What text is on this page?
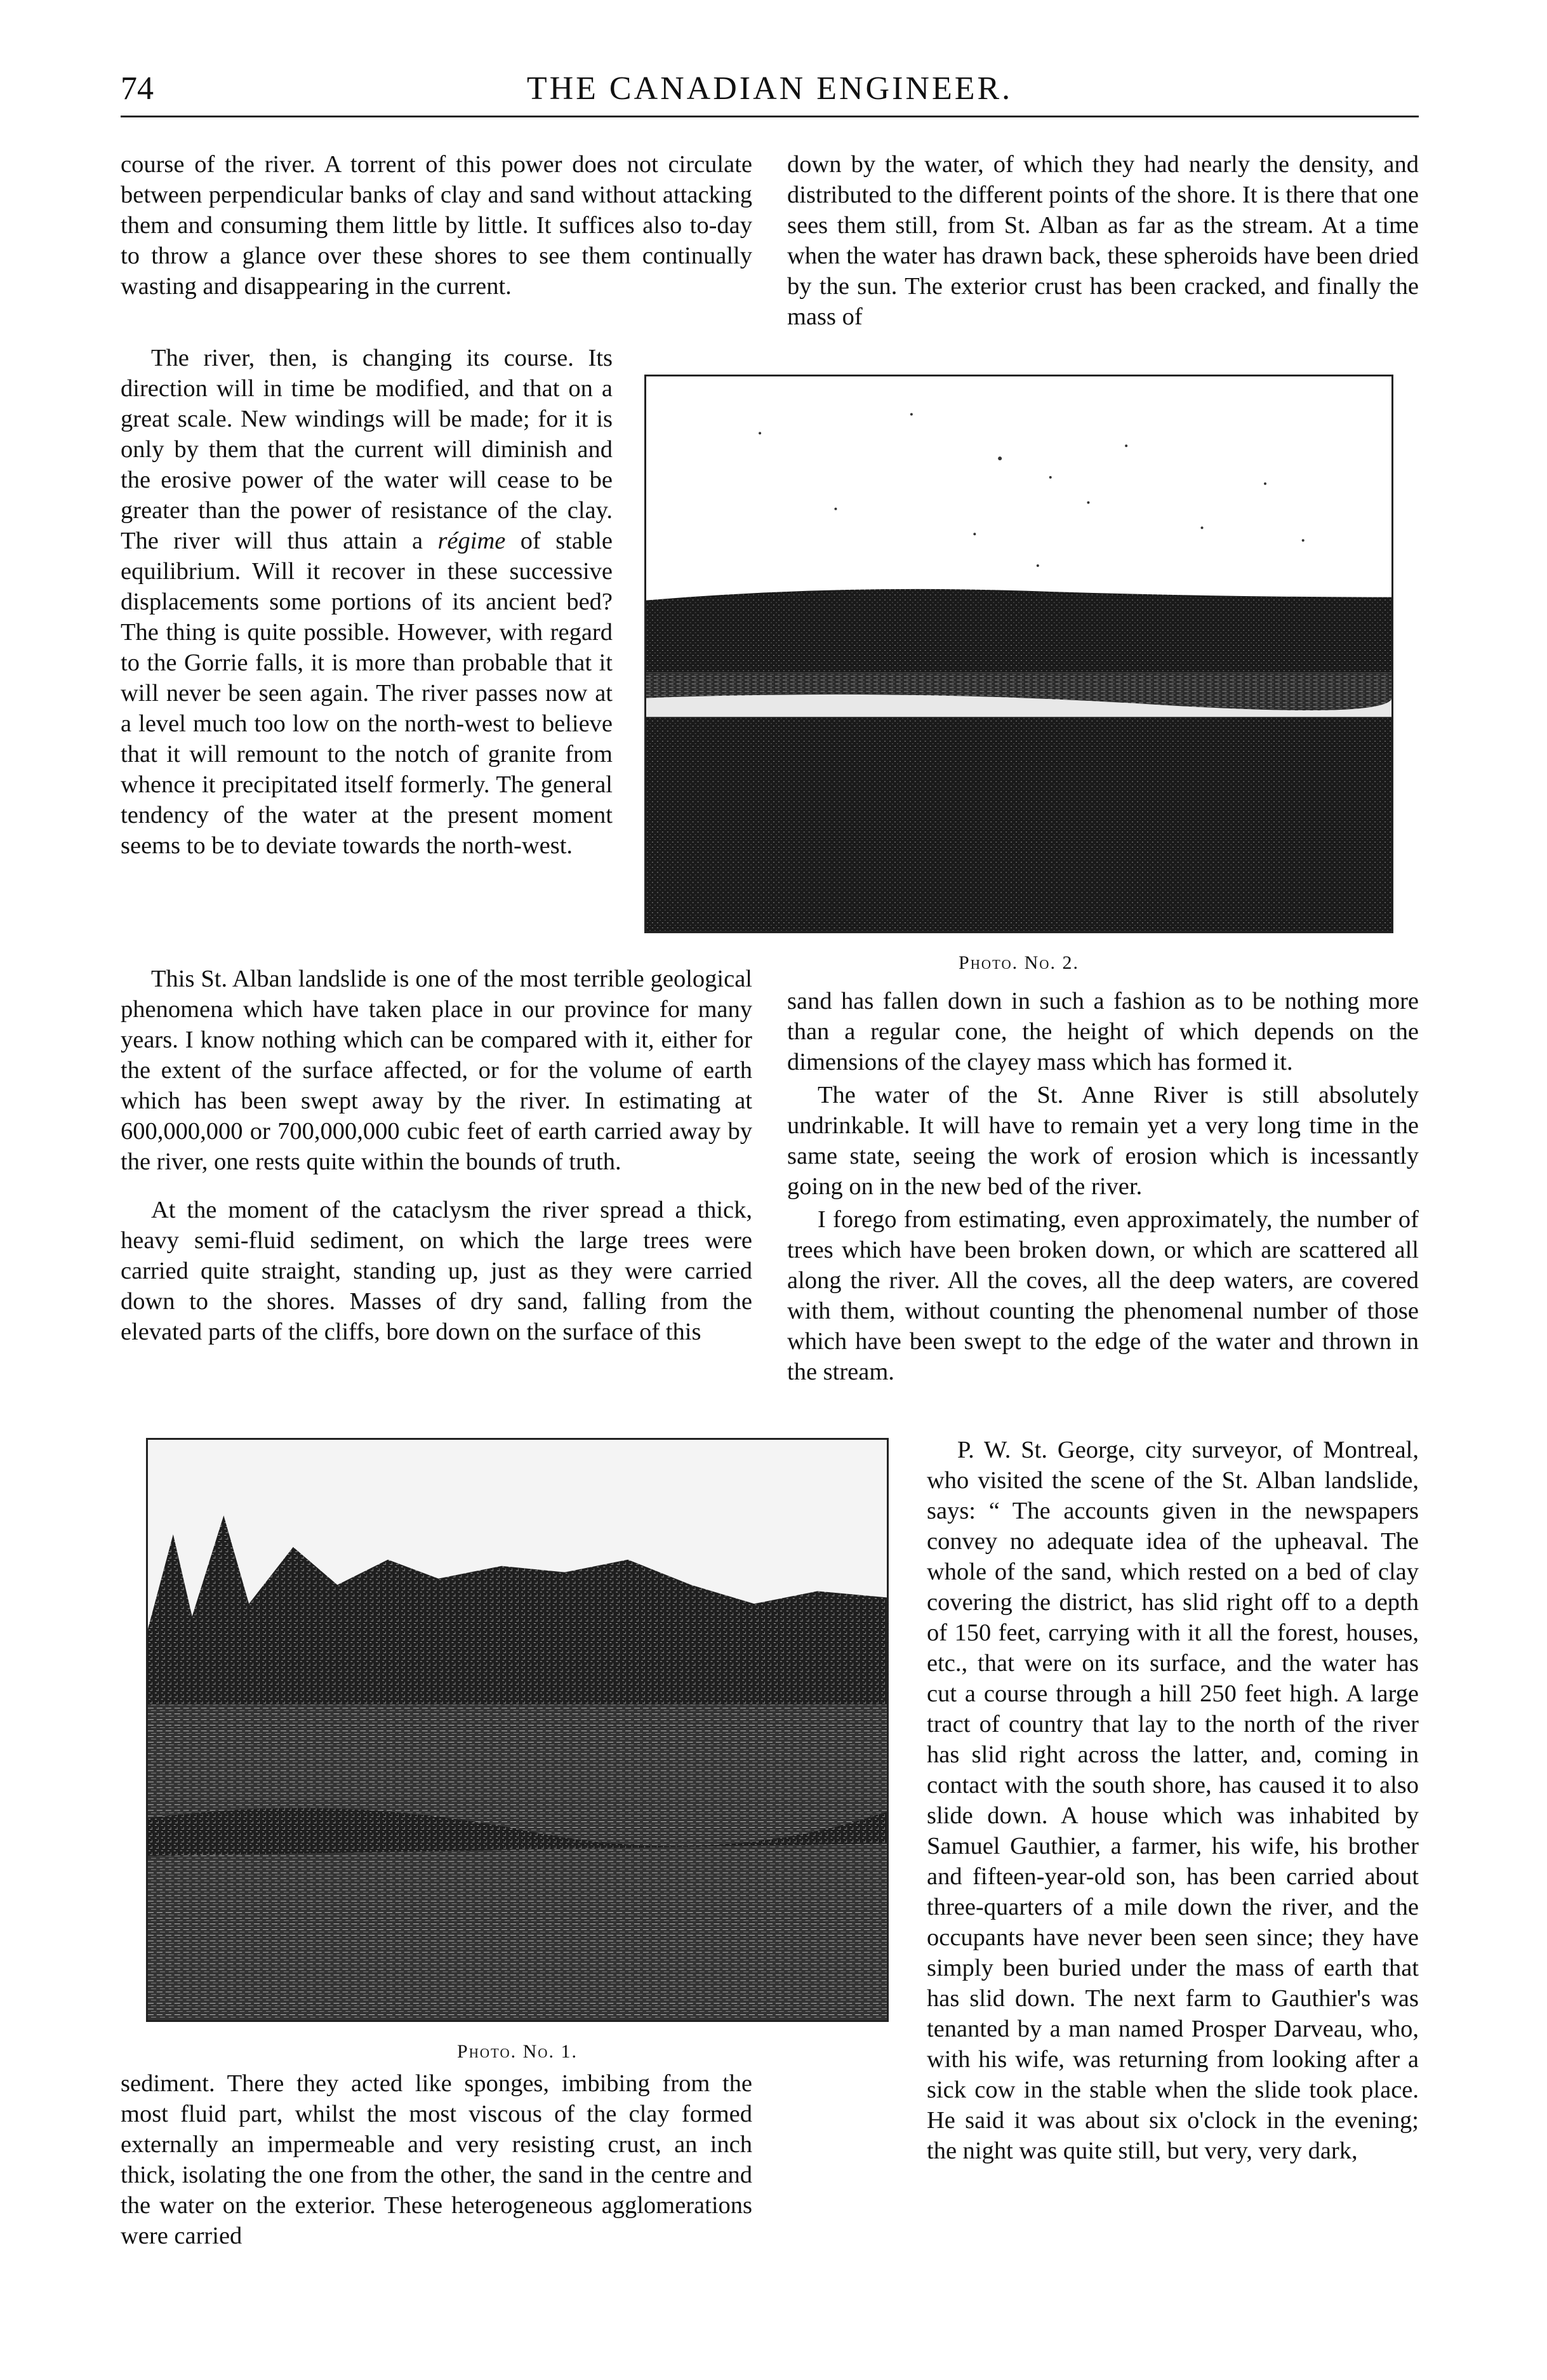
74	THE CANADIAN ENGINEER.

course of the river. A torrent of this power does not circulate between perpendicular banks of clay and sand without attacking them and consuming them little by little. It suffices also to-day to throw a glance over these shores to see them continually wasting and disappearing in the current.

The river, then, is changing its course. Its direction will in time be modified, and that on a great scale. New windings will be made; for it is only by them that the current will diminish and the erosive power of the water will cease to be greater than the power of resistance of the clay. The river will thus attain a régime of stable equilibrium. Will it recover in these successive displacements some portions of its ancient bed? The thing is quite possible. However, with regard to the Gorrie falls, it is more than probable that it will never be seen again. The river passes now at a level much too low on the north-west to believe that it will remount to the notch of granite from whence it precipitated itself formerly. The general tendency of the water at the present moment seems to be to deviate towards the north-west.

This St. Alban landslide is one of the most terrible geological phenomena which have taken place in our province for many years. I know nothing which can be compared with it, either for the extent of the surface affected, or for the volume of earth which has been swept away by the river. In estimating at 600,000,000 or 700,000,000 cubic feet of earth carried away by the river, one rests quite within the bounds of truth.

At the moment of the cataclysm the river spread a thick, heavy semi-fluid sediment, on which the large trees were carried quite straight, standing up, just as they were carried down to the shores. Masses of dry sand, falling from the elevated parts of the cliffs, bore down on the surface of this

Photo. No. 2.
Photo. No. 1.

sediment. There they acted like sponges, imbibing from the most fluid part, whilst the most viscous of the clay formed externally an impermeable and very resisting crust, an inch thick, isolating the one from the other, the sand in the centre and the water on the exterior. These heterogeneous agglomerations were carried

down by the water, of which they had nearly the density, and distributed to the different points of the shore. It is there that one sees them still, from St. Alban as far as the stream. At a time when the water has drawn back, these spheroids have been dried by the sun. The exterior crust has been cracked, and finally the mass of

sand has fallen down in such a fashion as to be nothing more than a regular cone, the height of which depends on the dimensions of the clayey mass which has formed it.

The water of the St. Anne River is still absolutely undrinkable. It will have to remain yet a very long time in the same state, seeing the work of erosion which is incessantly going on in the new bed of the river.

I forego from estimating, even approximately, the number of trees which have been broken down, or which are scattered all along the river. All the coves, all the deep waters, are covered with them, without counting the phenomenal number of those which have been swept to the edge of the water and thrown in the stream.

P. W. St. George, city surveyor, of Montreal, who visited the scene of the St. Alban landslide, says: “ The accounts given in the newspapers convey no adequate idea of the upheaval. The whole of the sand, which rested on a bed of clay covering the district, has slid right off to a depth of 150 feet, carrying with it all the forest, houses, etc., that were on its surface, and the water has cut a course through a hill 250 feet high. A large tract of country that lay to the north of the river has slid right across the latter, and, coming in contact with the south shore, has caused it to also slide down. A house which was inhabited by Samuel Gauthier, a farmer, his wife, his brother and fifteen-year-old son, has been carried about three-quarters of a mile down the river, and the occupants have never been seen since; they have simply been buried under the mass of earth that has slid down. The next farm to Gauthier's was tenanted by a man named Prosper Darveau, who, with his wife, was returning from looking after a sick cow in the stable when the slide took place. He said it was about six o'clock in the evening; the night was quite still, but very, very dark,
